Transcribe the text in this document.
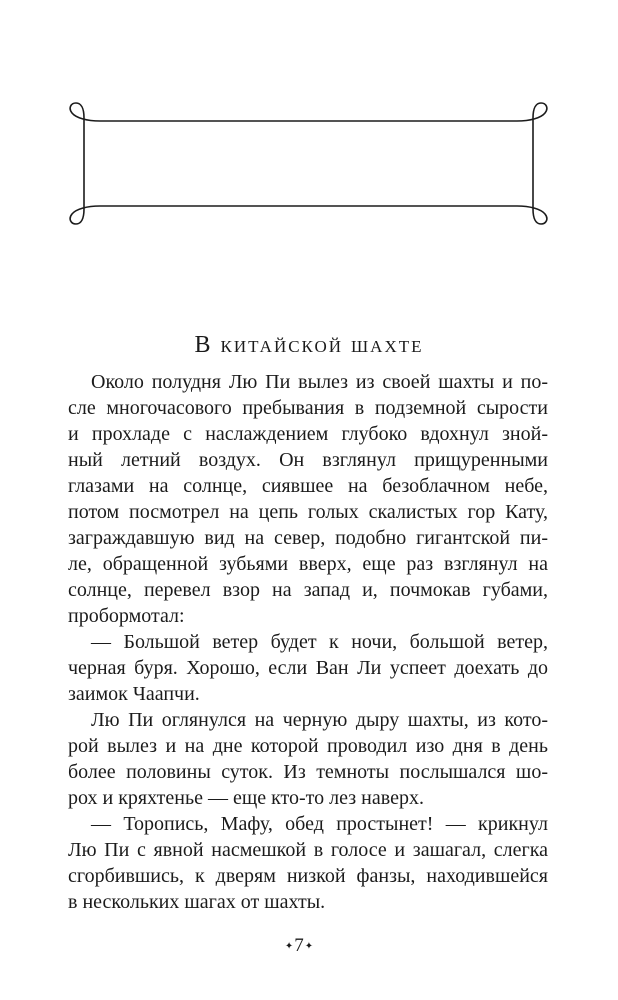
В китайской шахте
Около полудня Лю Пи вылез из своей шахты и по-
сле многочасового пребывания в подземной сырости
и прохладе с наслаждением глубоко вдохнул зной-
ный летний воздух. Он взглянул прищуренными
глазами на солнце, сиявшее на безоблачном небе,
потом посмотрел на цепь голых скалистых гор Кату,
заграждавшую вид на север, подобно гигантской пи-
ле, обращенной зубьями вверх, еще раз взглянул на
солнце, перевел взор на запад и, почмокав губами,
пробормотал:
— Большой ветер будет к ночи, большой ветер,
черная буря. Хорошо, если Ван Ли успеет доехать до
заимок Чаапчи.
Лю Пи оглянулся на черную дыру шахты, из кото-
рой вылез и на дне которой проводил изо дня в день
более половины суток. Из темноты послышался шо-
рох и кряхтенье — еще кто-то лез наверх.
— Торопись, Мафу, обед простынет! — крикнул
Лю Пи с явной насмешкой в голосе и зашагал, слегка
сгорбившись, к дверям низкой фанзы, находившейся
в нескольких шагах от шахты.
✦7✦
